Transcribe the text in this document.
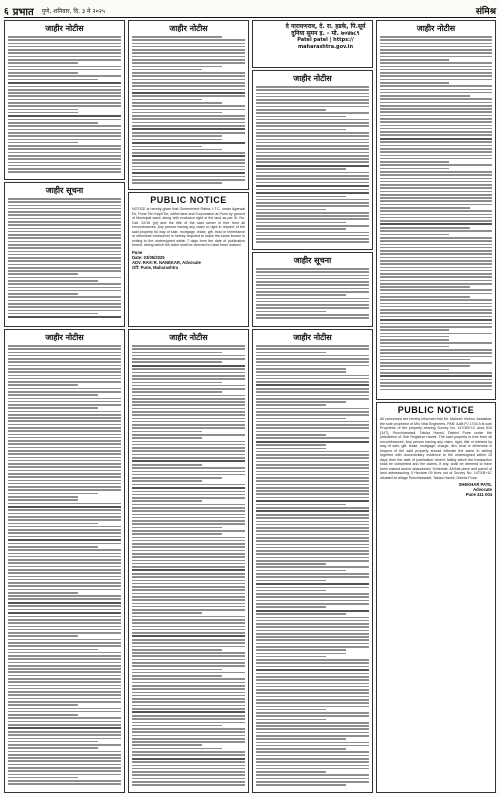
६ प्रभात पुणे, शनिवार, दि. ३ मे २०२५	संमिश्र
जाहीर नोटीस
जाहीर सूचना
जाहीर नोटीस
जाहीर नोटीस
PUBLIC NOTICE
NOTICE is hereby given that Government Ratna, I.T.C. under Agarwal Ex, Pune Ten Kapil Tor, within land and Corporation at Pune by ground of Municipal ward, along with exclusive right of the land as per Sr. No. Gat. 22/16 (pt) and the title of the said owner is free from all encumbrances. Any person having any claim or right in respect of the said property by way of sale, mortgage, lease, gift, trust or inheritance or otherwise howsoever is hereby required to make the same known in writing to the undersigned within 7 days from the date of publication hereof, failing which the claim shall be deemed to have been waived.
Pune
Date: 03/05/2025
ADV. RAVI R. NANEKAR, Advocate
Off: Pune, Maharashtra
दे नारायणराव, दे. रा. हडके, पि.सूर्य
दुनिया सुमन इ. - मो. ७०४७८९
Patel patel | https:// maharashtra.gov.in
जाहीर नोटीस
जाहीर सूचना
जाहीर नोटीस
जाहीर नोटीस	जाहीर नोटीस
PUBLIC NOTICE
All concerned are hereby informed that Mr. Mahesh Vishnu Jarwalkar, the sole proprietor of M/s Vital Engineers, PAN: AAB PJ 1704 A is sole Proprietor of the property bearing Survey No. 147/1B+1C area 510 (347), Punchlanwadi, Taluka Haveli, District Pune under the jurisdiction of Sub Registrar Haveli. The said property is free from all encumbrances. Any person having any claim, right, title or interest by way of sale, gift, lease, mortgage, charge, lien, trust or otherwise in respect of the said property should intimate the same in writing together with documentary evidence to the undersigned within 15 days from the date of publication hereof, failing which the transaction shall be completed and the claims, if any, shall be deemed to have been waived and/or abandoned. Schedule: All that piece and parcel of land admeasuring 0 Hectare 09 Ares out of Survey No. 147/1B+1C situated at village Punchlanwadi, Taluka Haveli, District Pune.
SHEKHAR PATIL
Advocate
Pune 411 004
